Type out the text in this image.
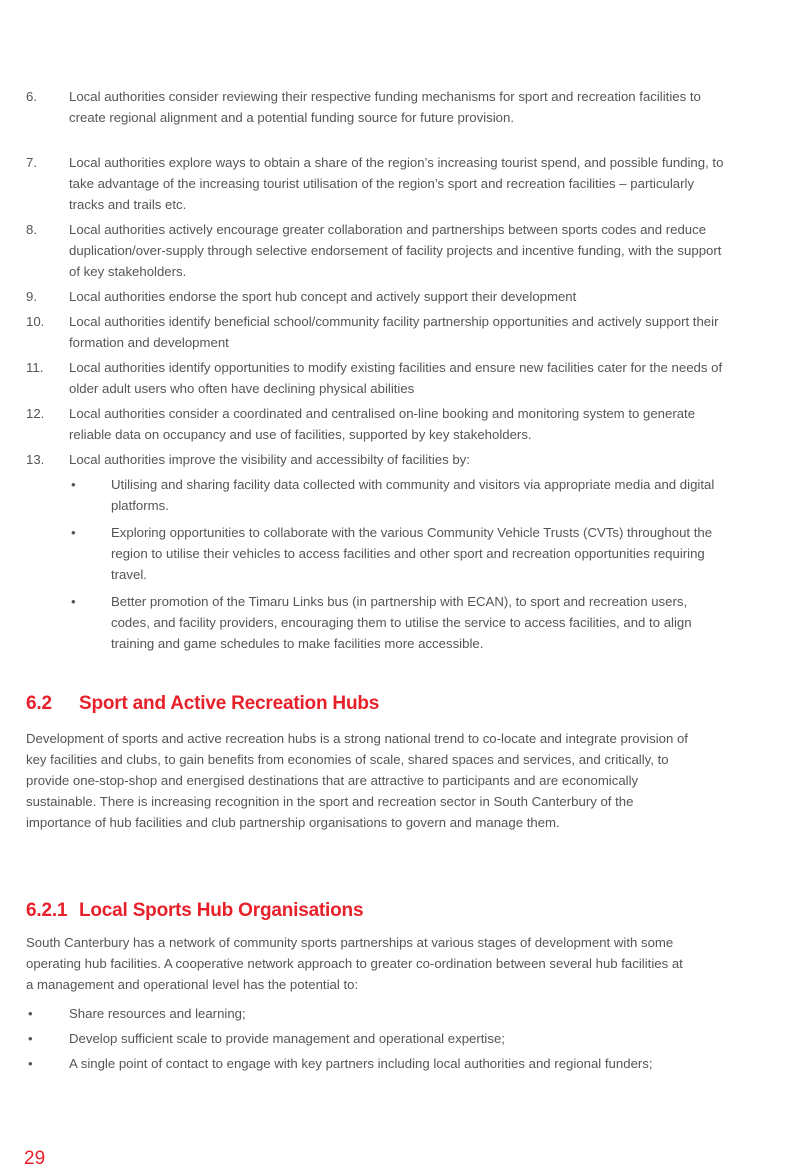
6.	Local authorities consider reviewing their respective funding mechanisms for sport and recreation facilities to create regional alignment and a potential funding source for future provision.
7.	Local authorities explore ways to obtain a share of the region’s increasing tourist spend, and possible funding, to take advantage of the increasing tourist utilisation of the region’s sport and recreation facilities – particularly tracks and trails etc.
8.	Local authorities actively encourage greater collaboration and partnerships between sports codes and reduce duplication/over-supply through selective endorsement of facility projects and incentive funding, with the support of key stakeholders.
9.	Local authorities endorse the sport hub concept and actively support their development
10.	Local authorities identify beneficial school/community facility partnership opportunities and actively support their formation and development
11.	Local authorities identify opportunities to modify existing facilities and ensure new facilities cater for the needs of older adult users who often have declining physical abilities
12.	Local authorities consider a coordinated and centralised on-line booking and monitoring system to generate reliable data on occupancy and use of facilities, supported by key stakeholders.
13.	Local authorities improve the visibility and accessibilty of facilities by:
•	Utilising and sharing facility data collected with community and visitors via appropriate media and digital platforms.
•	Exploring opportunities to collaborate with the various Community Vehicle Trusts (CVTs) throughout the region to utilise their vehicles to access facilities and other sport and recreation opportunities requiring travel.
•	Better promotion of the Timaru Links bus (in partnership with ECAN), to sport and recreation users, codes, and facility providers, encouraging them to utilise the service to access facilities, and to align training and game schedules to make facilities more accessible.
6.2 Sport and Active Recreation Hubs

Development of sports and active recreation hubs is a strong national trend to co-locate and integrate provision of key facilities and clubs, to gain benefits from economies of scale, shared spaces and services, and critically, to provide one-stop-shop and energised destinations that are attractive to participants and are economically sustainable. There is increasing recognition in the sport and recreation sector in South Canterbury of the importance of hub facilities and club partnership organisations to govern and manage them.

6.2.1 Local Sports Hub Organisations

South Canterbury has a network of community sports partnerships at various stages of development with some operating hub facilities. A cooperative network approach to greater co-ordination between several hub facilities at a management and operational level has the potential to:

•	Share resources and learning;
•	Develop sufficient scale to provide management and operational expertise;
•	A single point of contact to engage with key partners including local authorities and regional funders;

29
